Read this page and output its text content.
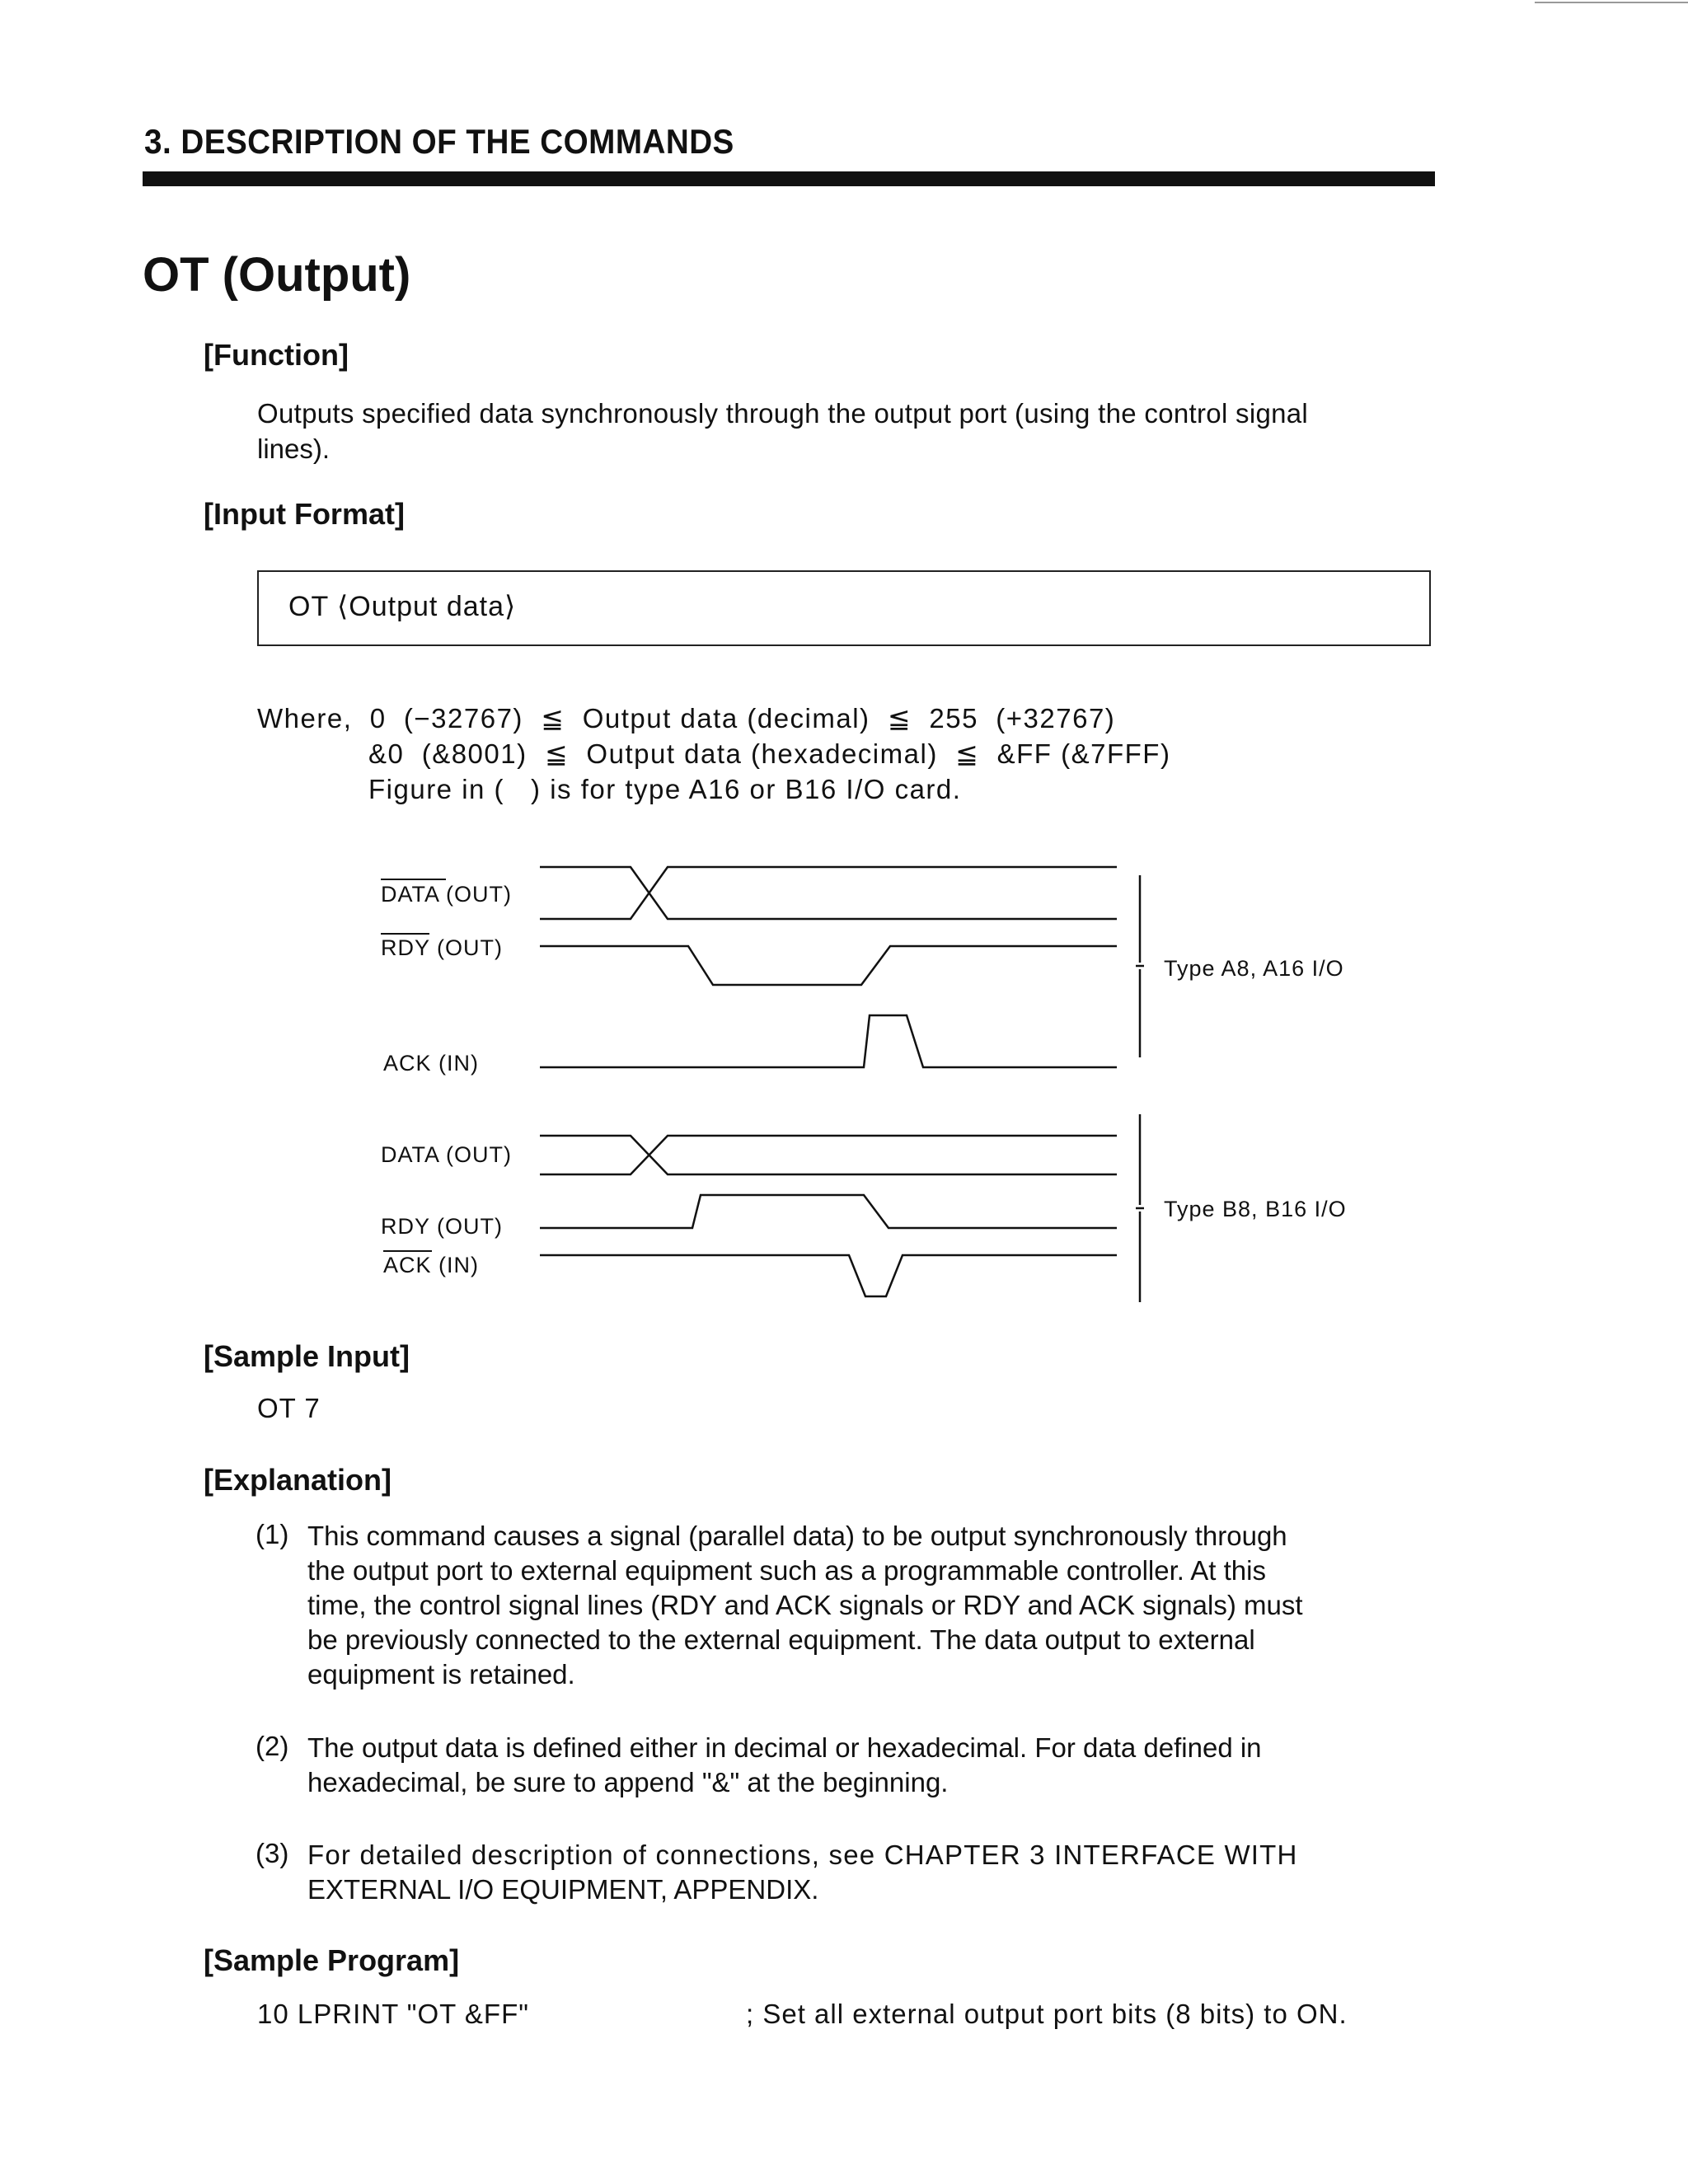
3. DESCRIPTION OF THE COMMANDS
OT (Output)
[Function]
Outputs specified data synchronously through the output port (using the control signal
lines).
[Input Format]
OT ⟨Output data⟩
Where,  0  (−32767)  ≦  Output data (decimal)  ≦  255  (+32767)
&0  (&8001)  ≦  Output data (hexadecimal)  ≦  &FF (&7FFF)
Figure in (   ) is for type A16 or B16 I/O card.
DATA (OUT)
RDY (OUT)
ACK (IN)
Type A8, A16 I/O
DATA (OUT)
RDY (OUT)
ACK (IN)
Type B8, B16 I/O
[Sample Input]
OT 7
[Explanation]
(1) This command causes a signal (parallel data) to be output synchronously through
the output port to external equipment such as a programmable controller. At this
time, the control signal lines (RDY and ACK signals or RDY and ACK signals) must
be previously connected to the external equipment. The data output to external
equipment is retained.
(2) The output data is defined either in decimal or hexadecimal. For data defined in
hexadecimal, be sure to append "&" at the beginning.
(3) For detailed description of connections, see CHAPTER 3 INTERFACE WITH
EXTERNAL I/O EQUIPMENT, APPENDIX.
[Sample Program]
10 LPRINT "OT &FF"	; Set all external output port bits (8 bits) to ON.
